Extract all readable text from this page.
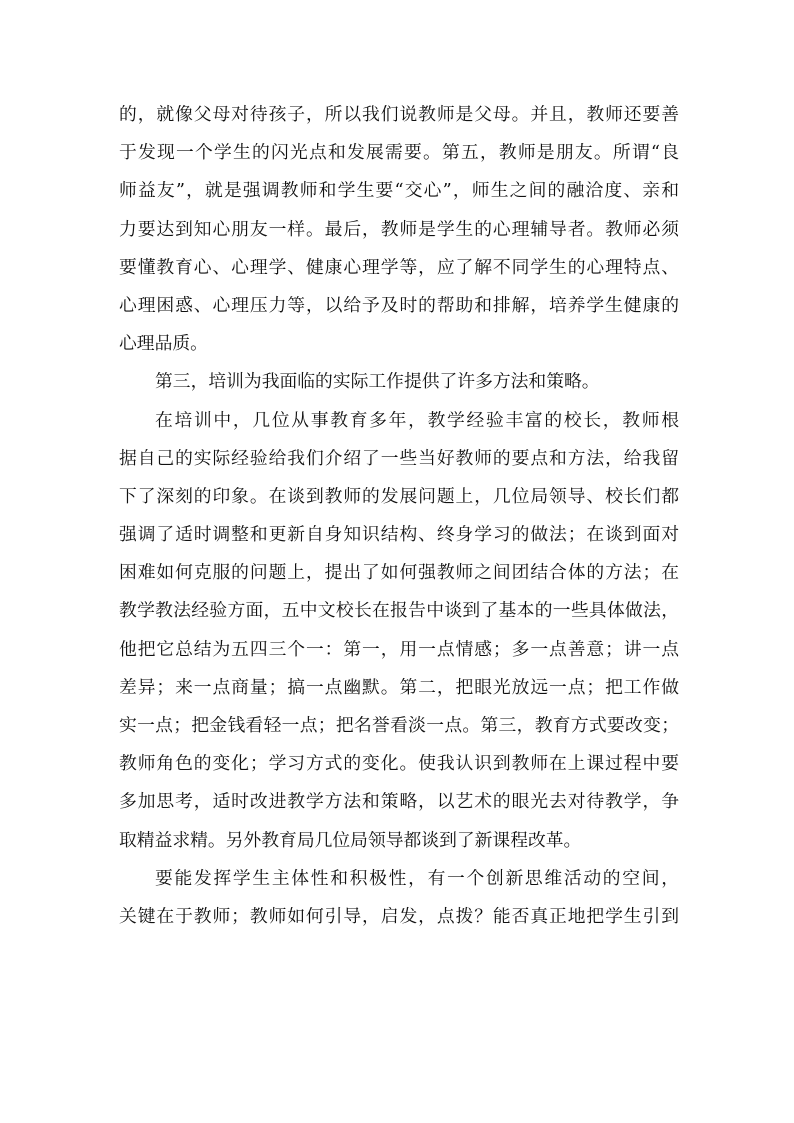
的，就像父母对待孩子，所以我们说教师是父母。并且，教师还要善
于发现一个学生的闪光点和发展需要。第五，教师是朋友。所谓“良
师益友”，就是强调教师和学生要“交心”，师生之间的融洽度、亲和
力要达到知心朋友一样。最后，教师是学生的心理辅导者。教师必须
要懂教育心、心理学、健康心理学等，应了解不同学生的心理特点、
心理困惑、心理压力等，以给予及时的帮助和排解，培养学生健康的
心理品质。

第三，培训为我面临的实际工作提供了许多方法和策略。

在培训中，几位从事教育多年，教学经验丰富的校长，教师根
据自己的实际经验给我们介绍了一些当好教师的要点和方法，给我留
下了深刻的印象。在谈到教师的发展问题上，几位局领导、校长们都
强调了适时调整和更新自身知识结构、终身学习的做法；在谈到面对
困难如何克服的问题上，提出了如何强教师之间团结合体的方法；在
教学教法经验方面，五中文校长在报告中谈到了基本的一些具体做法，
他把它总结为五四三个一：第一，用一点情感；多一点善意；讲一点
差异；来一点商量；搞一点幽默。第二，把眼光放远一点；把工作做
实一点；把金钱看轻一点；把名誉看淡一点。第三，教育方式要改变；
教师角色的变化；学习方式的变化。使我认识到教师在上课过程中要
多加思考，适时改进教学方法和策略，以艺术的眼光去对待教学，争
取精益求精。另外教育局几位局领导都谈到了新课程改革。

要能发挥学生主体性和积极性，有一个创新思维活动的空间，
关键在于教师；教师如何引导，启发，点拨？能否真正地把学生引到
